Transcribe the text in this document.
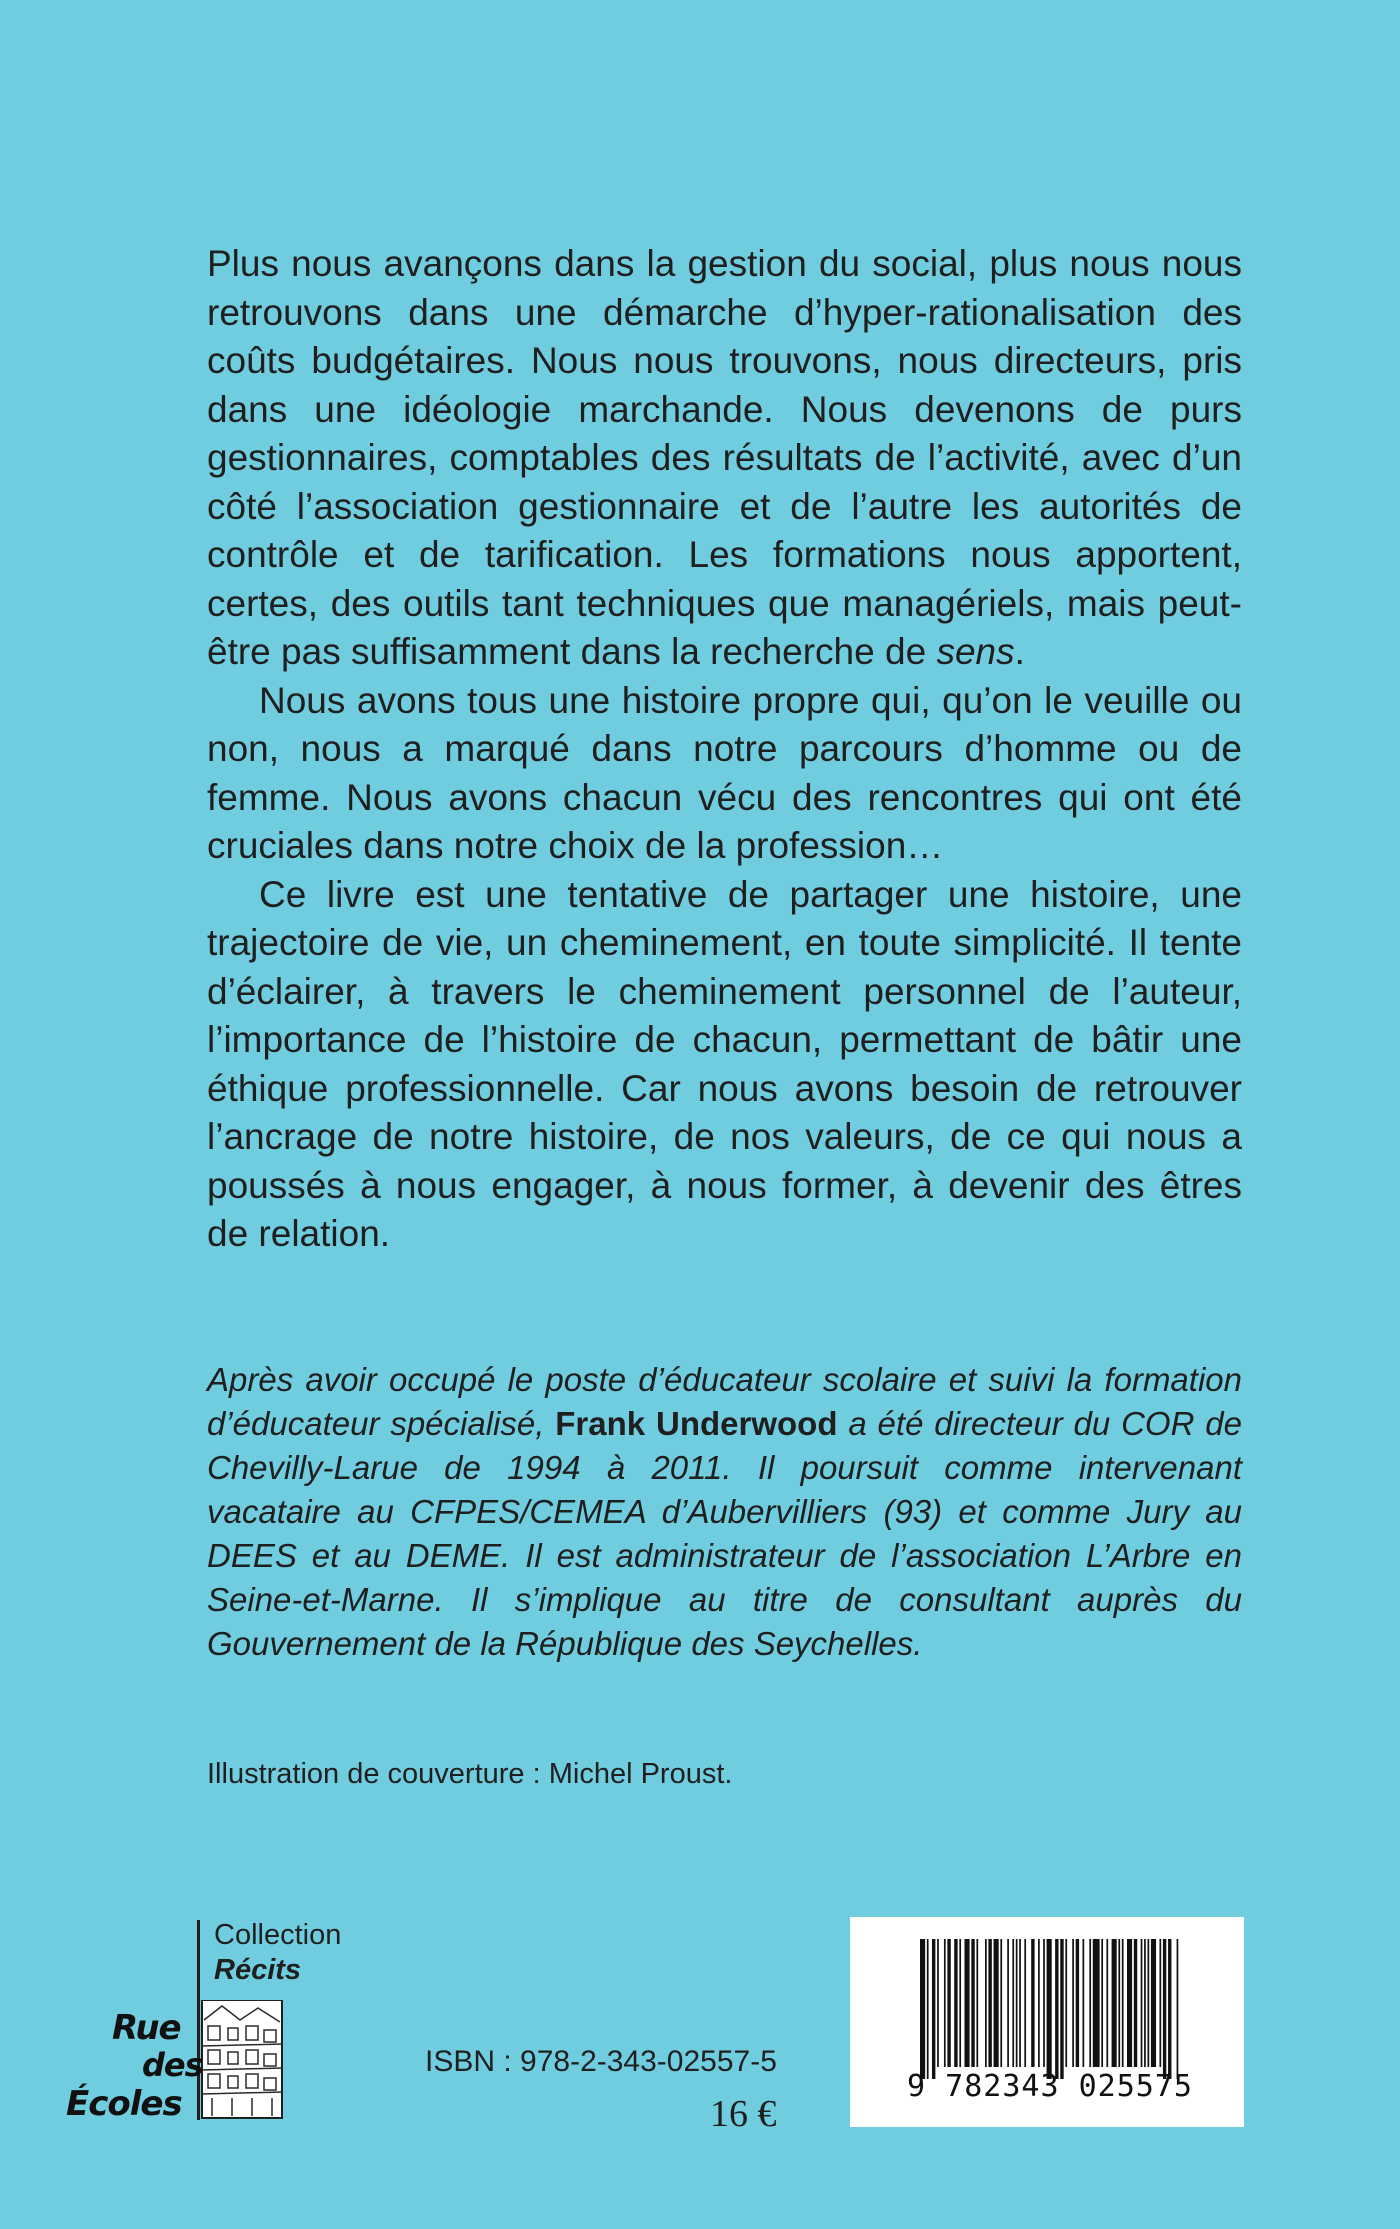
Plus nous avançons dans la gestion du social, plus nous nous retrouvons dans une démarche d’hyper-rationalisation des coûts budgétaires. Nous nous trouvons, nous directeurs, pris dans une idéologie marchande. Nous devenons de purs gestionnaires, comptables des résultats de l’activité, avec d’un côté l’association gestionnaire et de l’autre les autorités de contrôle et de tarification. Les formations nous apportent, certes, des outils tant techniques que managériels, mais peut-être pas suffisamment dans la recherche de sens.

Nous avons tous une histoire propre qui, qu’on le veuille ou non, nous a marqué dans notre parcours d’homme ou de femme. Nous avons chacun vécu des rencontres qui ont été cruciales dans notre choix de la profession…

Ce livre est une tentative de partager une histoire, une trajectoire de vie, un cheminement, en toute simplicité. Il tente d’éclairer, à travers le cheminement personnel de l’auteur, l’importance de l’histoire de chacun, permettant de bâtir une éthique professionnelle. Car nous avons besoin de retrouver l’ancrage de notre histoire, de nos valeurs, de ce qui nous a poussés à nous engager, à nous former, à devenir des êtres de relation.

Après avoir occupé le poste d’éducateur scolaire et suivi la formation d’éducateur spécialisé, Frank Underwood a été directeur du COR de Chevilly-Larue de 1994 à 2011. Il poursuit comme intervenant vacataire au CFPES/CEMEA d’Aubervilliers (93) et comme Jury au DEES et au DEME. Il est administrateur de l’association L’Arbre en Seine-et-Marne. Il s’implique au titre de consultant auprès du Gouvernement de la République des Seychelles.

Illustration de couverture : Michel Proust.

Collection
Récits
Rue
des
Écoles

ISBN : 978-2-343-02557-5

16 €

9 782343 025575
